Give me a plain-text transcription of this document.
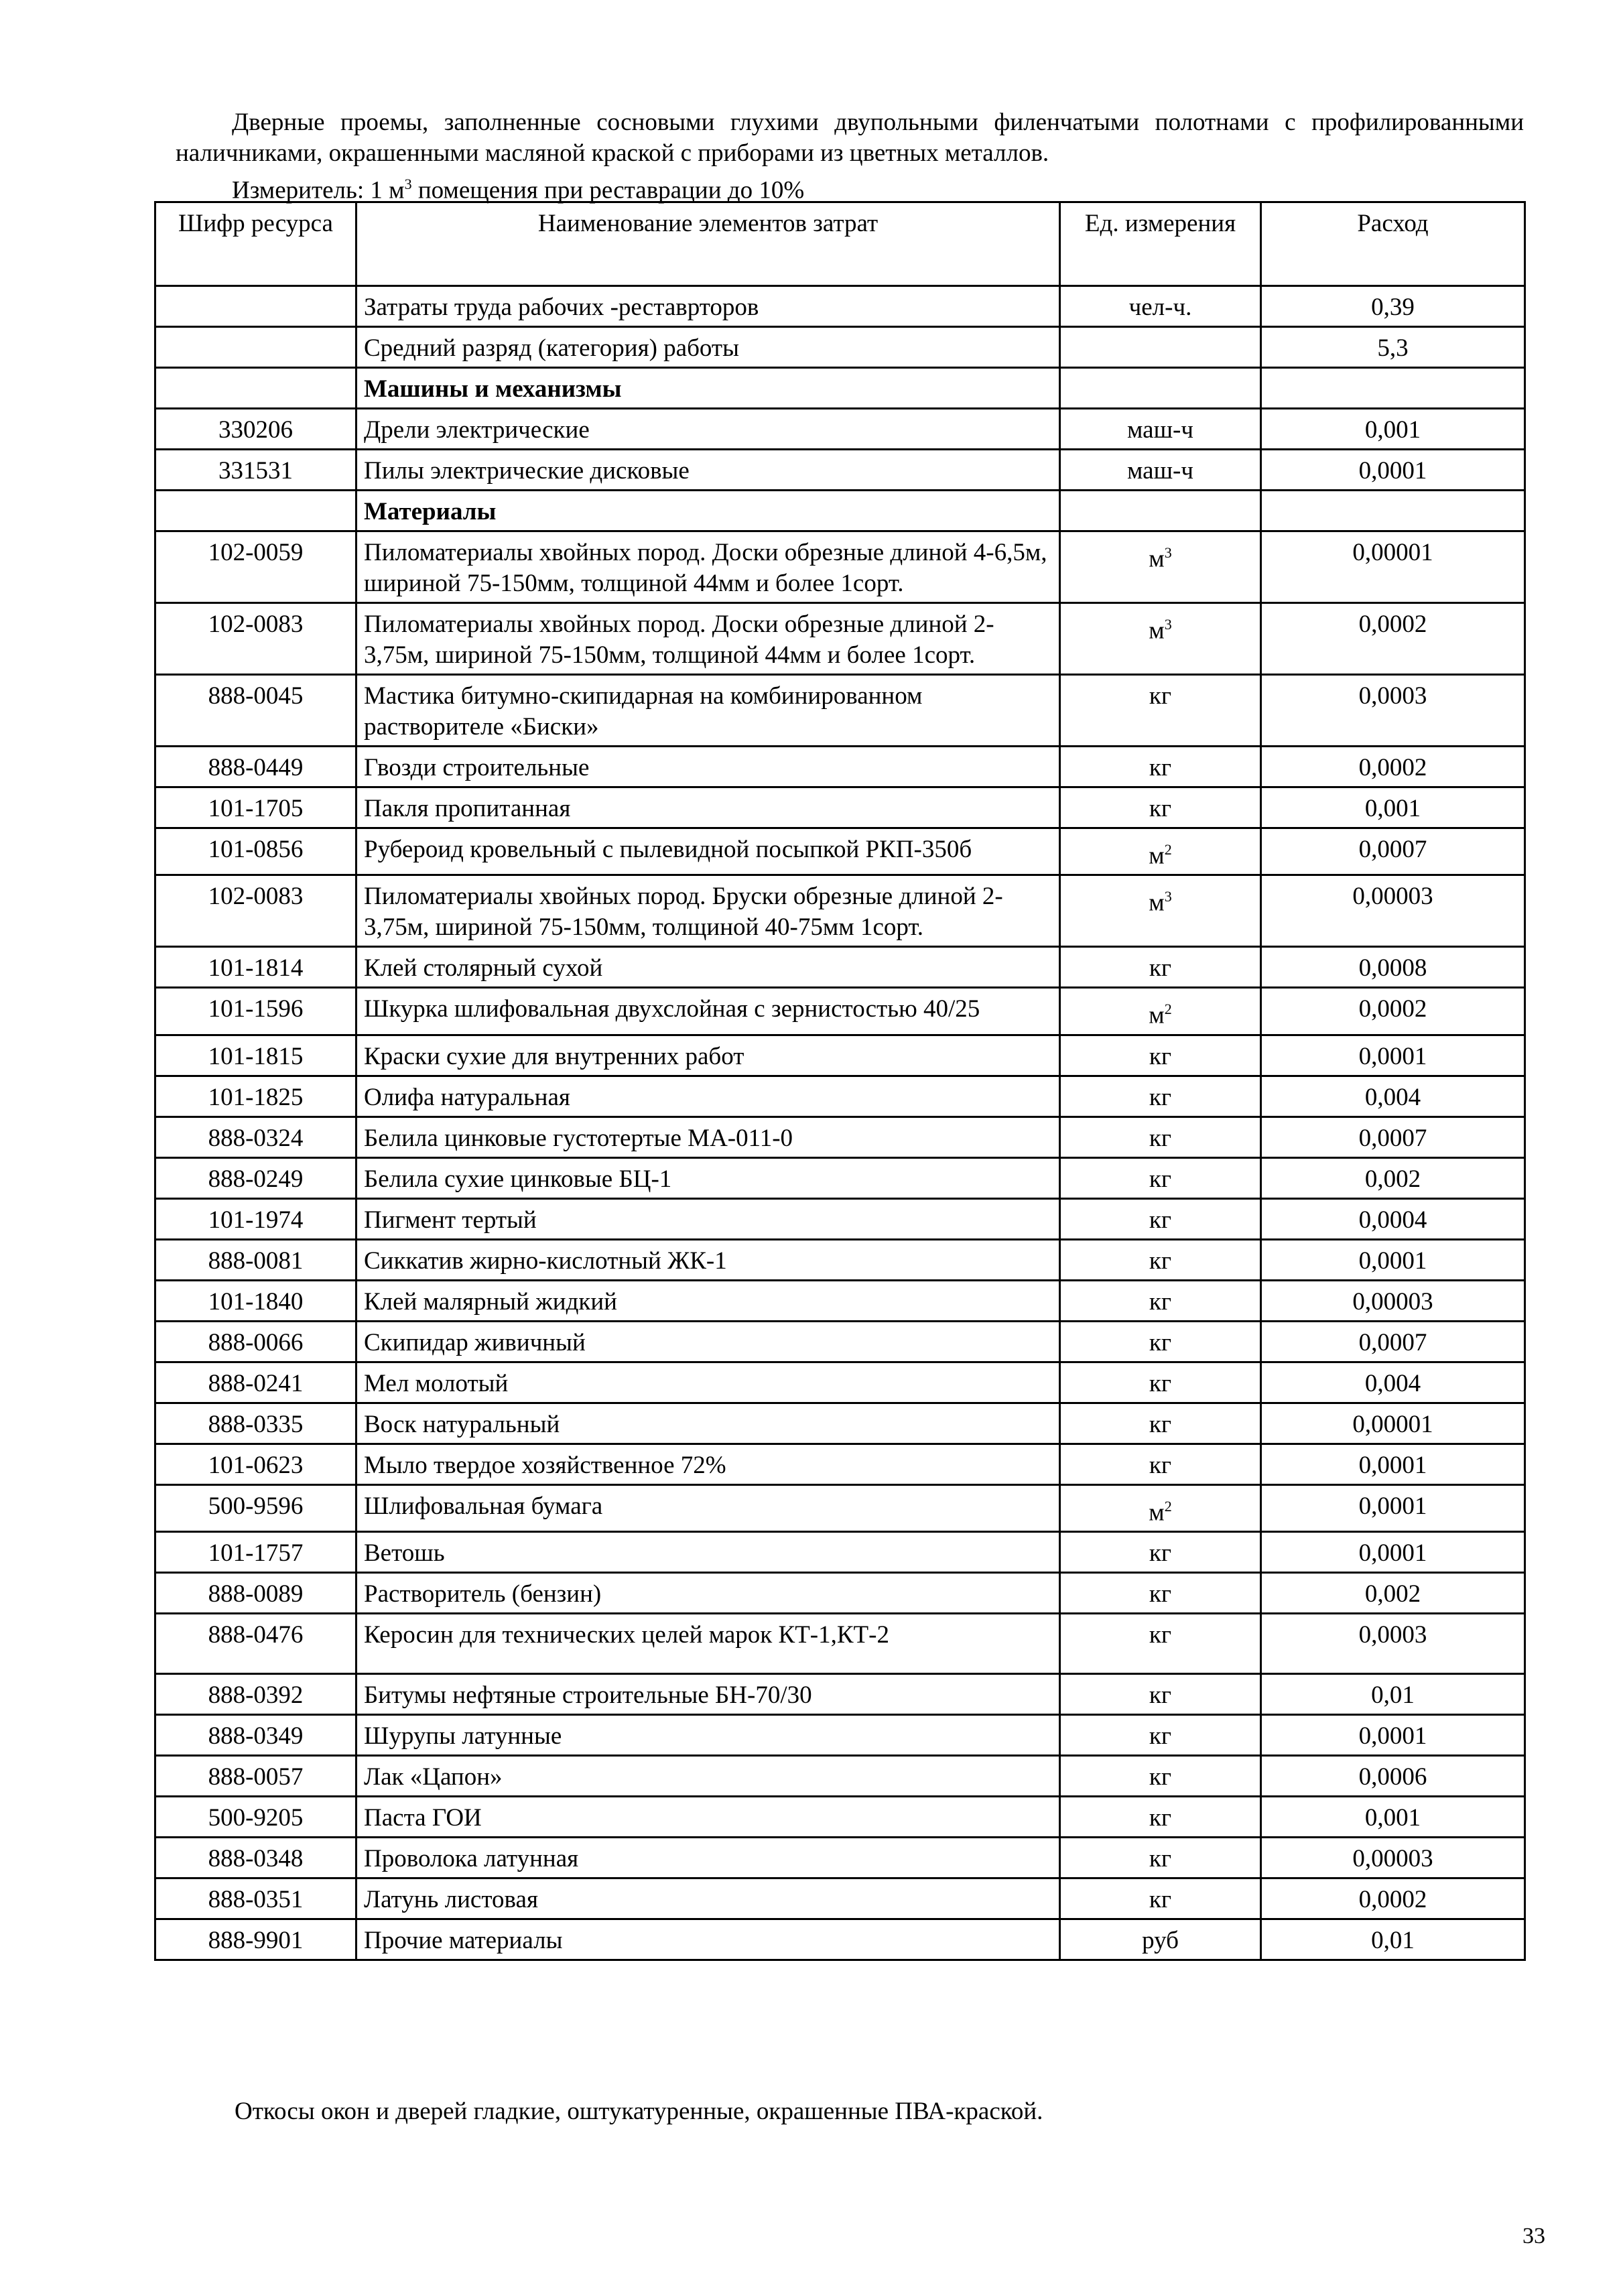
Дверные проемы, заполненные сосновыми глухими двупольными филенчатыми полотнами с профилированными наличниками, окрашенными масляной краской с приборами из цветных металлов.

Измеритель: 1 $м^3$ помещения при реставрации до 10%

Шифр ресурса	Наименование элементов затрат	Ед. измерения	Расход
	Затраты труда рабочих -реставрторов	чел-ч.	0,39
	Средний разряд (категория) работы		5,3
	Машины и механизмы		
330206	Дрели электрические	маш-ч	0,001
331531	Пилы электрические дисковые	маш-ч	0,0001
	Материалы		
102-0059	Пиломатериалы хвойных пород. Доски обрезные длиной 4-6,5м, шириной 75-150мм, толщиной 44мм и более 1сорт.	$м^3$	0,00001
102-0083	Пиломатериалы хвойных пород. Доски обрезные длиной 2-3,75м, шириной 75-150мм, толщиной 44мм и более 1сорт.	$м^3$	0,0002
888-0045	Мастика битумно-скипидарная на комбинированном растворителе «Биски»	кг	0,0003
888-0449	Гвозди строительные	кг	0,0002
101-1705	Пакля пропитанная	кг	0,001
101-0856	Рубероид кровельный с пылевидной посыпкой РКП-350б	$м^2$	0,0007
102-0083	Пиломатериалы хвойных пород. Бруски обрезные длиной 2-3,75м, шириной 75-150мм, толщиной 40-75мм 1сорт.	$м^3$	0,00003
101-1814	Клей столярный сухой	кг	0,0008
101-1596	Шкурка шлифовальная двухслойная с зернистостью 40/25	$м^2$	0,0002
101-1815	Краски сухие для внутренних работ	кг	0,0001
101-1825	Олифа натуральная	кг	0,004
888-0324	Белила цинковые густотертые МА-011-0	кг	0,0007
888-0249	Белила сухие цинковые БЦ-1	кг	0,002
101-1974	Пигмент тертый	кг	0,0004
888-0081	Сиккатив жирно-кислотный ЖК-1	кг	0,0001
101-1840	Клей малярный жидкий	кг	0,00003
888-0066	Скипидар живичный	кг	0,0007
888-0241	Мел молотый	кг	0,004
888-0335	Воск натуральный	кг	0,00001
101-0623	Мыло твердое хозяйственное 72%	кг	0,0001
500-9596	Шлифовальная бумага	$м^2$	0,0001
101-1757	Ветошь	кг	0,0001
888-0089	Растворитель (бензин)	кг	0,002
888-0476	Керосин для технических целей марок КТ-1,КТ-2	кг	0,0003
888-0392	Битумы нефтяные строительные БН-70/30	кг	0,01
888-0349	Шурупы латунные	кг	0,0001
888-0057	Лак «Цапон»	кг	0,0006
500-9205	Паста ГОИ	кг	0,001
888-0348	Проволока латунная	кг	0,00003
888-0351	Латунь листовая	кг	0,0002
888-9901	Прочие материалы	руб	0,01
Откосы окон и дверей гладкие, оштукатуренные, окрашенные ПВА-краской.
33
